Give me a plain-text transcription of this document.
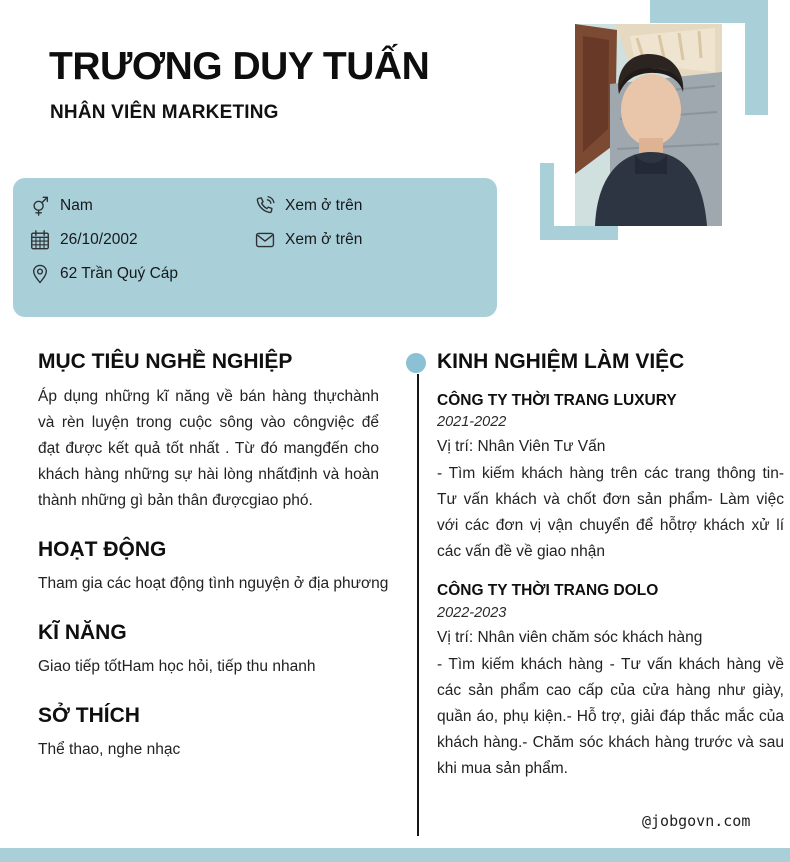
TRƯƠNG DUY TUẤN
NHÂN VIÊN MARKETING
Nam
26/10/2002
62 Trần Quý Cáp
Xem ở trên
Xem ở trên
MỤC TIÊU NGHỀ NGHIỆP
Áp dụng những kĩ năng về bán hàng thựchành và rèn luyện trong cuộc sông vào côngviệc để đạt được kết quả tốt nhất . Từ đó mangđến cho khách hàng những sự hài lòng nhấtđịnh và hoàn thành những gì bản thân đượcgiao phó.
HOẠT ĐỘNG
Tham gia các hoạt động tình nguyện ở địa phương
KĨ NĂNG
Giao tiếp tốtHam học hỏi, tiếp thu nhanh
SỞ THÍCH
Thể thao, nghe nhạc
KINH NGHIỆM LÀM VIỆC
CÔNG TY THỜI TRANG LUXURY
2021-2022
Vị trí: Nhân Viên Tư Vấn
- Tìm kiếm khách hàng trên các trang thông tin- Tư vấn khách và chốt đơn sản phẩm- Làm việc với các đơn vị vận chuyển để hỗtrợ khách xử lí các vấn đề về giao nhận
CÔNG TY THỜI TRANG DOLO
2022-2023
Vị trí: Nhân viên chăm sóc khách hàng
- Tìm kiếm khách hàng - Tư vấn khách hàng về các sản phẩm cao cấp của cửa hàng như giày, quần áo, phụ kiện.- Hỗ trợ, giải đáp thắc mắc của khách hàng.- Chăm sóc khách hàng trước và sau khi mua sản phẩm.
@jobgovn.com
